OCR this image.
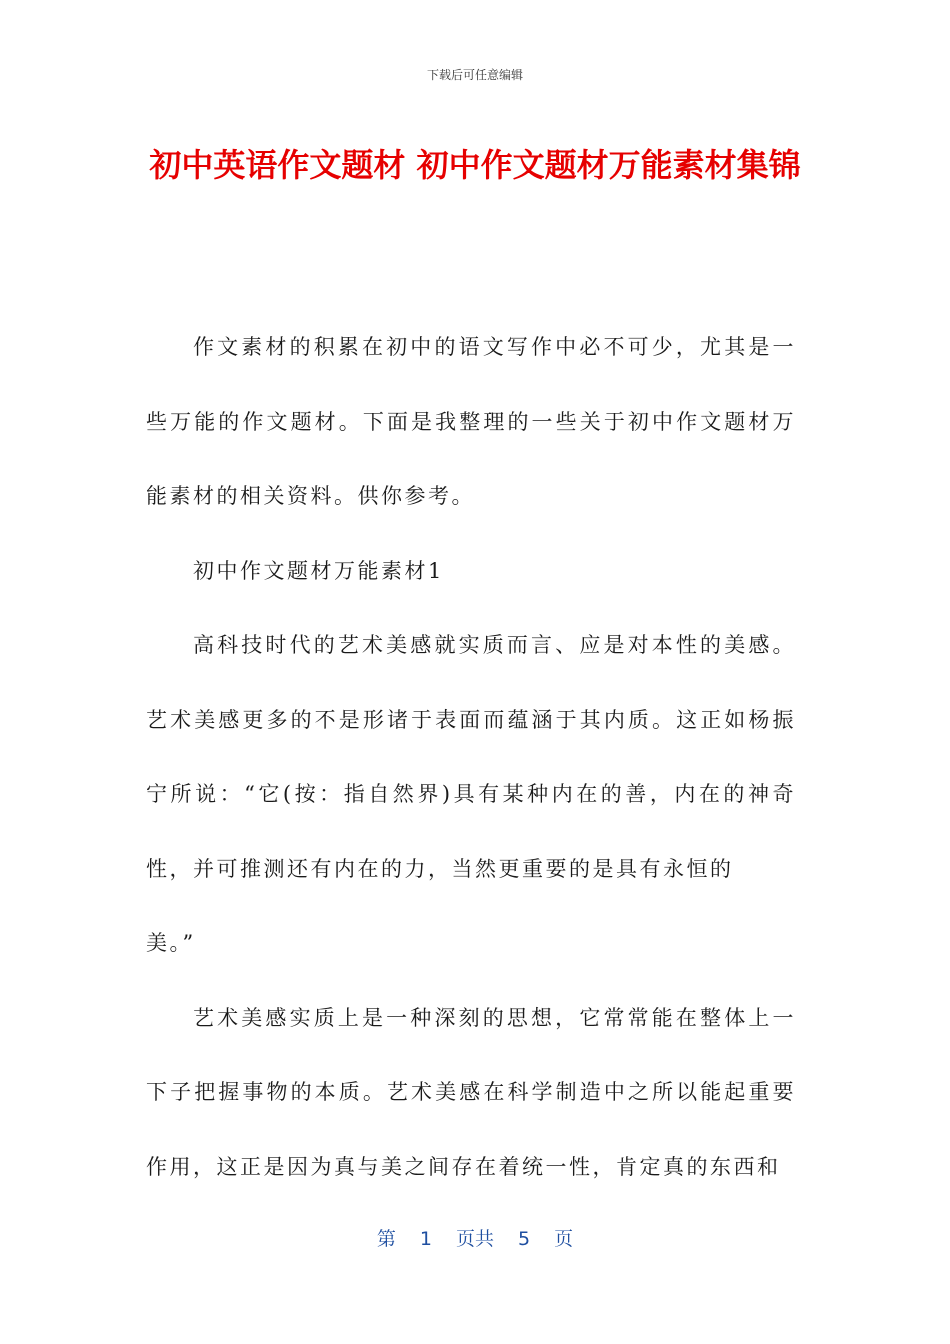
下载后可任意编辑
初中英语作文题材 初中作文题材万能素材集锦

作文素材的积累在初中的语文写作中必不可少，尤其是一些万能的作文题材。下面是我整理的一些关于初中作文题材万能素材的相关资料。供你参考。

初中作文题材万能素材1

高科技时代的艺术美感就实质而言、应是对本性的美感。艺术美感更多的不是形诸于表面而蕴涵于其内质。这正如杨振宁所说：“它(按：指自然界)具有某种内在的善，内在的神奇性，并可推测还有内在的力，当然更重要的是具有永恒的

美。”

艺术美感实质上是一种深刻的思想，它常常能在整体上一下子把握事物的本质。艺术美感在科学制造中之所以能起重要作用，这正是因为真与美之间存在着统一性，肯定真的东西和

第 1 页共 5 页
